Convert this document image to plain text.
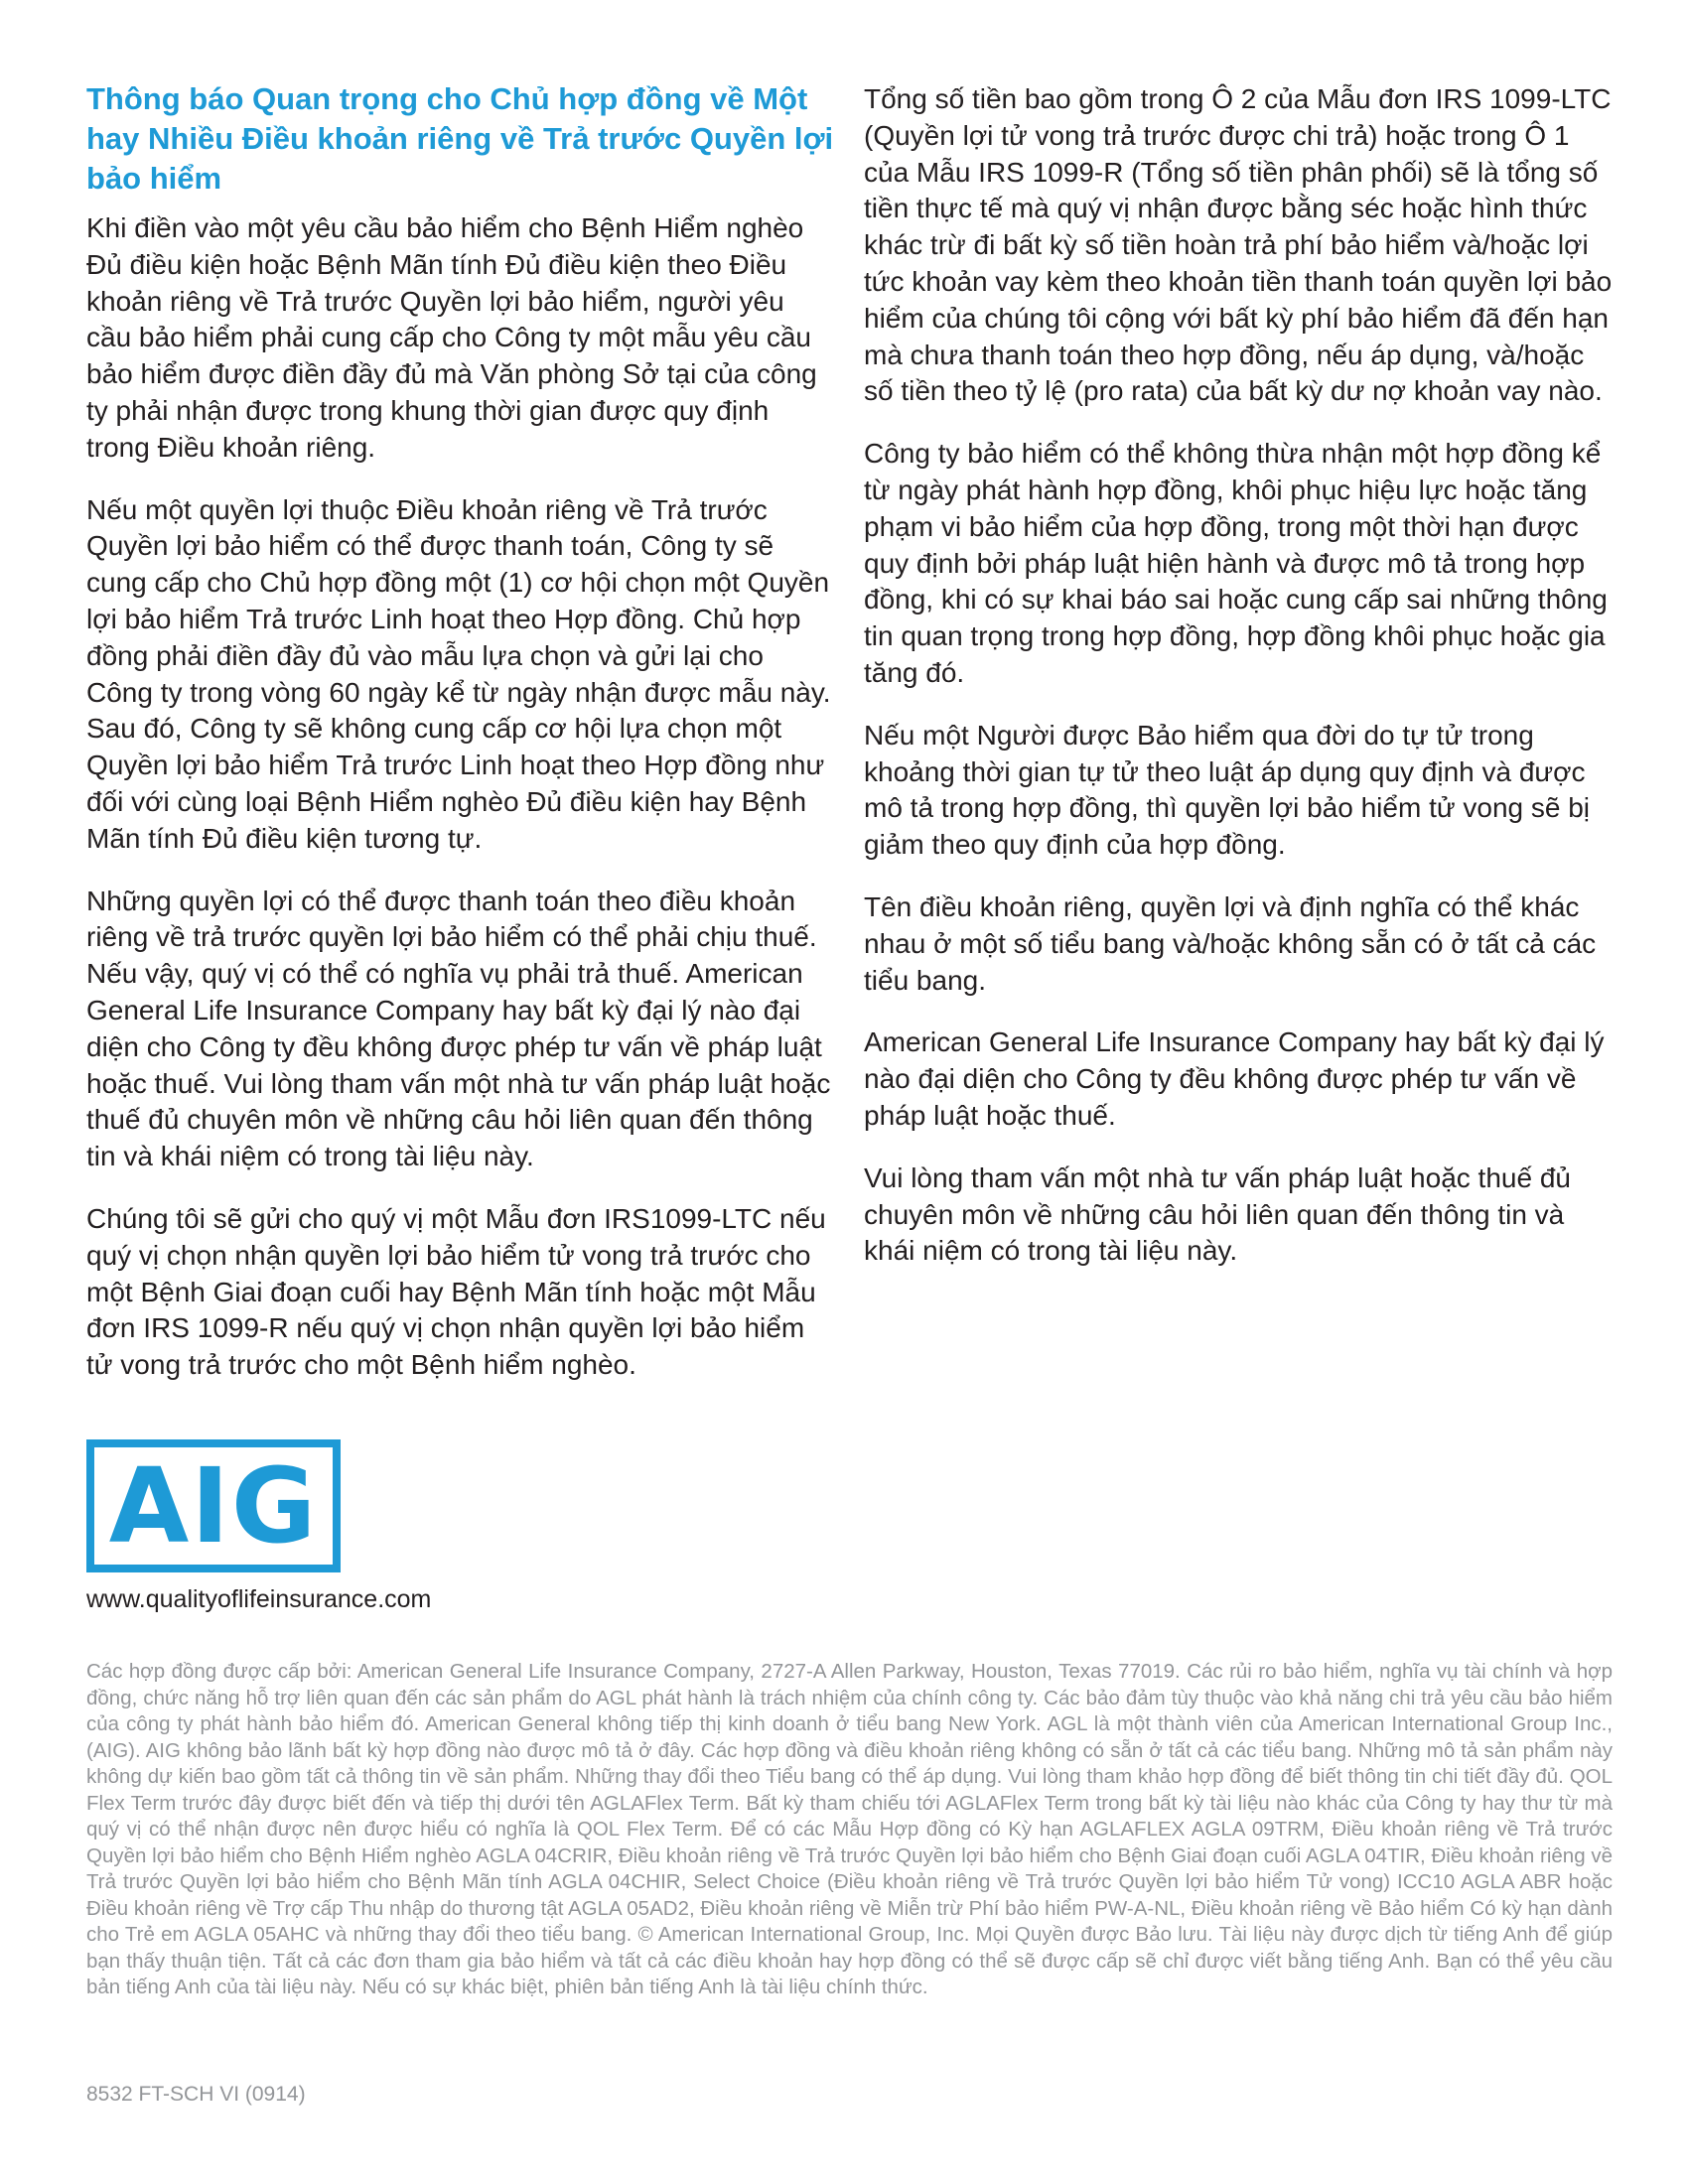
Thông báo Quan trọng cho Chủ hợp đồng về Một hay Nhiều Điều khoản riêng về Trả trước Quyền lợi bảo hiểm

Khi điền vào một yêu cầu bảo hiểm cho Bệnh Hiểm nghèo Đủ điều kiện hoặc Bệnh Mãn tính Đủ điều kiện theo Điều khoản riêng về Trả trước Quyền lợi bảo hiểm, người yêu cầu bảo hiểm phải cung cấp cho Công ty một mẫu yêu cầu bảo hiểm được điền đầy đủ mà Văn phòng Sở tại của công ty phải nhận được trong khung thời gian được quy định trong Điều khoản riêng.

Nếu một quyền lợi thuộc Điều khoản riêng về Trả trước Quyền lợi bảo hiểm có thể được thanh toán, Công ty sẽ cung cấp cho Chủ hợp đồng một (1) cơ hội chọn một Quyền lợi bảo hiểm Trả trước Linh hoạt theo Hợp đồng. Chủ hợp đồng phải điền đầy đủ vào mẫu lựa chọn và gửi lại cho Công ty trong vòng 60 ngày kể từ ngày nhận được mẫu này. Sau đó, Công ty sẽ không cung cấp cơ hội lựa chọn một Quyền lợi bảo hiểm Trả trước Linh hoạt theo Hợp đồng như đối với cùng loại Bệnh Hiểm nghèo Đủ điều kiện hay Bệnh Mãn tính Đủ điều kiện tương tự.

Những quyền lợi có thể được thanh toán theo điều khoản riêng về trả trước quyền lợi bảo hiểm có thể phải chịu thuế. Nếu vậy, quý vị có thể có nghĩa vụ phải trả thuế. American General Life Insurance Company hay bất kỳ đại lý nào đại diện cho Công ty đều không được phép tư vấn về pháp luật hoặc thuế. Vui lòng tham vấn một nhà tư vấn pháp luật hoặc thuế đủ chuyên môn về những câu hỏi liên quan đến thông tin và khái niệm có trong tài liệu này.

Chúng tôi sẽ gửi cho quý vị một Mẫu đơn IRS1099-LTC nếu quý vị chọn nhận quyền lợi bảo hiểm tử vong trả trước cho một Bệnh Giai đoạn cuối hay Bệnh Mãn tính hoặc một Mẫu đơn IRS 1099-R nếu quý vị chọn nhận quyền lợi bảo hiểm tử vong trả trước cho một Bệnh hiểm nghèo.

Tổng số tiền bao gồm trong Ô 2 của Mẫu đơn IRS 1099-LTC (Quyền lợi tử vong trả trước được chi trả) hoặc trong Ô 1 của Mẫu IRS 1099-R (Tổng số tiền phân phối) sẽ là tổng số tiền thực tế mà quý vị nhận được bằng séc hoặc hình thức khác trừ đi bất kỳ số tiền hoàn trả phí bảo hiểm và/hoặc lợi tức khoản vay kèm theo khoản tiền thanh toán quyền lợi bảo hiểm của chúng tôi cộng với bất kỳ phí bảo hiểm đã đến hạn mà chưa thanh toán theo hợp đồng, nếu áp dụng, và/hoặc số tiền theo tỷ lệ (pro rata) của bất kỳ dư nợ khoản vay nào.

Công ty bảo hiểm có thể không thừa nhận một hợp đồng kể từ ngày phát hành hợp đồng, khôi phục hiệu lực hoặc tăng phạm vi bảo hiểm của hợp đồng, trong một thời hạn được quy định bởi pháp luật hiện hành và được mô tả trong hợp đồng, khi có sự khai báo sai hoặc cung cấp sai những thông tin quan trọng trong hợp đồng, hợp đồng khôi phục hoặc gia tăng đó.

Nếu một Người được Bảo hiểm qua đời do tự tử trong khoảng thời gian tự tử theo luật áp dụng quy định và được mô tả trong hợp đồng, thì quyền lợi bảo hiểm tử vong sẽ bị giảm theo quy định của hợp đồng.

Tên điều khoản riêng, quyền lợi và định nghĩa có thể khác nhau ở một số tiểu bang và/hoặc không sẵn có ở tất cả các tiểu bang.

American General Life Insurance Company hay bất kỳ đại lý nào đại diện cho Công ty đều không được phép tư vấn về pháp luật hoặc thuế.

Vui lòng tham vấn một nhà tư vấn pháp luật hoặc thuế đủ chuyên môn về những câu hỏi liên quan đến thông tin và khái niệm có trong tài liệu này.

AIG
www.qualityoflifeinsurance.com
Các hợp đồng được cấp bởi: American General Life Insurance Company, 2727-A Allen Parkway, Houston, Texas 77019. Các rủi ro bảo hiểm, nghĩa vụ tài chính và hợp đồng, chức năng hỗ trợ liên quan đến các sản phẩm do AGL phát hành là trách nhiệm của chính công ty. Các bảo đảm tùy thuộc vào khả năng chi trả yêu cầu bảo hiểm của công ty phát hành bảo hiểm đó. American General không tiếp thị kinh doanh ở tiểu bang New York. AGL là một thành viên của American International Group Inc., (AIG). AIG không bảo lãnh bất kỳ hợp đồng nào được mô tả ở đây. Các hợp đồng và điều khoản riêng không có sẵn ở tất cả các tiểu bang. Những mô tả sản phẩm này không dự kiến bao gồm tất cả thông tin về sản phẩm. Những thay đổi theo Tiểu bang có thể áp dụng. Vui lòng tham khảo hợp đồng để biết thông tin chi tiết đầy đủ. QOL Flex Term trước đây được biết đến và tiếp thị dưới tên AGLAFlex Term. Bất kỳ tham chiếu tới AGLAFlex Term trong bất kỳ tài liệu nào khác của Công ty hay thư từ mà quý vị có thể nhận được nên được hiểu có nghĩa là QOL Flex Term. Để có các Mẫu Hợp đồng có Kỳ hạn AGLAFLEX AGLA 09TRM, Điều khoản riêng về Trả trước Quyền lợi bảo hiểm cho Bệnh Hiểm nghèo AGLA 04CRIR, Điều khoản riêng về Trả trước Quyền lợi bảo hiểm cho Bệnh Giai đoạn cuối AGLA 04TIR, Điều khoản riêng về Trả trước Quyền lợi bảo hiểm cho Bệnh Mãn tính AGLA 04CHIR, Select Choice (Điều khoản riêng về Trả trước Quyền lợi bảo hiểm Tử vong) ICC10 AGLA ABR hoặc Điều khoản riêng về Trợ cấp Thu nhập do thương tật AGLA 05AD2, Điều khoản riêng về Miễn trừ Phí bảo hiểm PW-A-NL, Điều khoản riêng về Bảo hiểm Có kỳ hạn dành cho Trẻ em AGLA 05AHC và những thay đổi theo tiểu bang. © American International Group, Inc. Mọi Quyền được Bảo lưu. Tài liệu này được dịch từ tiếng Anh để giúp bạn thấy thuận tiện. Tất cả các đơn tham gia bảo hiểm và tất cả các điều khoản hay hợp đồng có thể sẽ được cấp sẽ chỉ được viết bằng tiếng Anh. Bạn có thể yêu cầu bản tiếng Anh của tài liệu này. Nếu có sự khác biệt, phiên bản tiếng Anh là tài liệu chính thức.
8532 FT-SCH VI (0914)
